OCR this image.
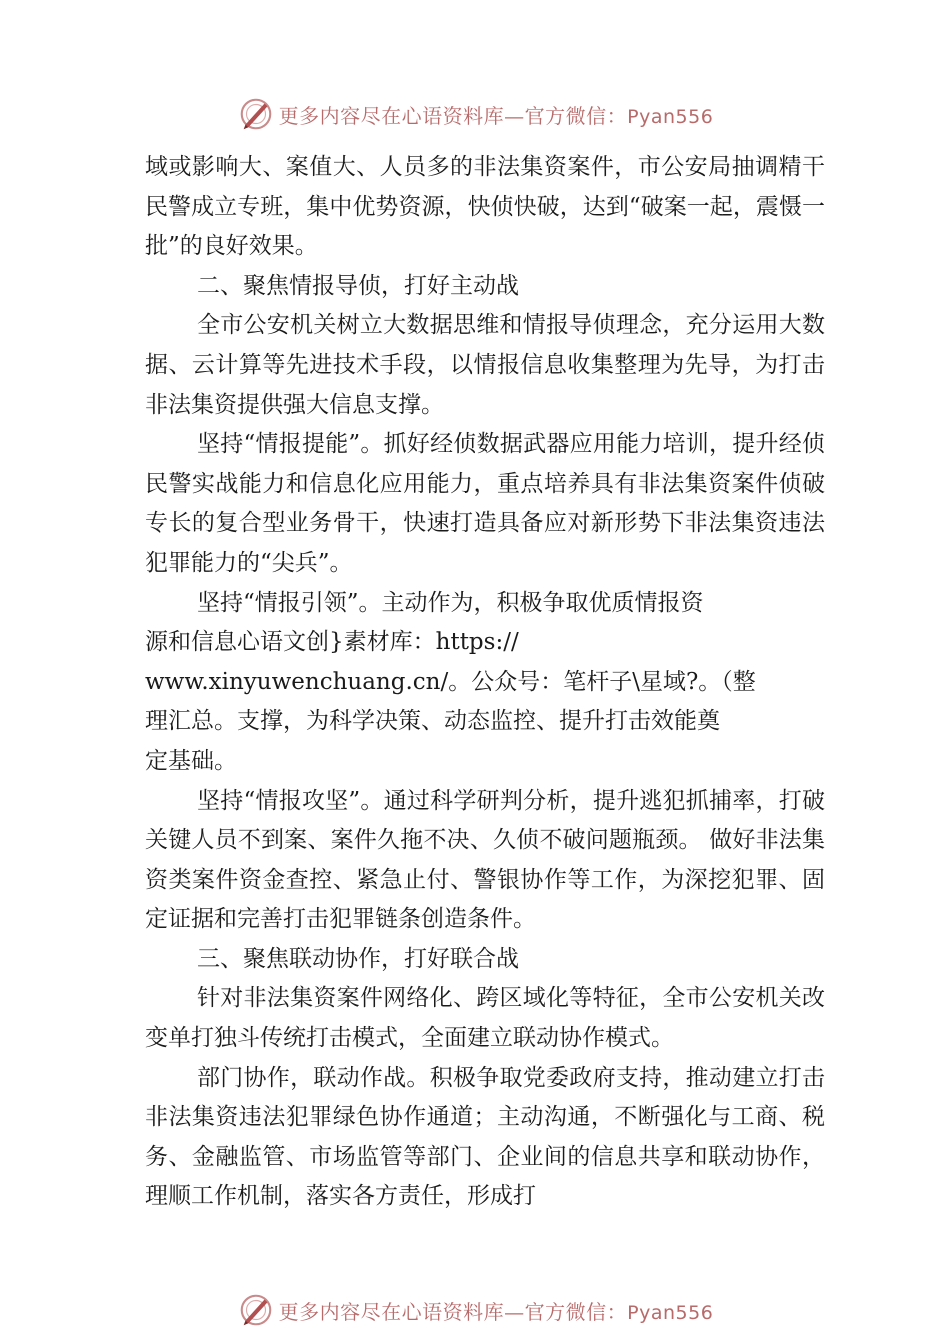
更多内容尽在心语资料库—官方微信：Pyan556

域或影响大、案值大、人员多的非法集资案件，市公安局抽调精干民警成立专班，集中优势资源，快侦快破，达到“破案一起，震慑一批”的良好效果。

二、聚焦情报导侦，打好主动战

全市公安机关树立大数据思维和情报导侦理念，充分运用大数据、云计算等先进技术手段，以情报信息收集整理为先导，为打击非法集资提供强大信息支撑。

坚持“情报提能”。抓好经侦数据武器应用能力培训，提升经侦民警实战能力和信息化应用能力，重点培养具有非法集资案件侦破专长的复合型业务骨干，快速打造具备应对新形势下非法集资违法犯罪能力的“尖兵”。

坚持“情报引领”。主动作为，积极争取优质情报资

源和信息心语文创}素材库：https://

www.xinyuwenchuang.cn/。公众号：笔杆子\星域?。（整

理汇总。支撑，为科学决策、动态监控、提升打击效能奠

定基础。

坚持“情报攻坚”。通过科学研判分析，提升逃犯抓捕率，打破关键人员不到案、案件久拖不决、久侦不破问题瓶颈。 做好非法集资类案件资金查控、紧急止付、警银协作等工作，为深挖犯罪、固定证据和完善打击犯罪链条创造条件。

三、聚焦联动协作，打好联合战

针对非法集资案件网络化、跨区域化等特征，全市公安机关改变单打独斗传统打击模式，全面建立联动协作模式。

部门协作，联动作战。积极争取党委政府支持，推动建立打击非法集资违法犯罪绿色协作通道；主动沟通，不断强化与工商、税务、金融监管、市场监管等部门、企业间的信息共享和联动协作，理顺工作机制，落实各方责任，形成打

更多内容尽在心语资料库—官方微信：Pyan556
